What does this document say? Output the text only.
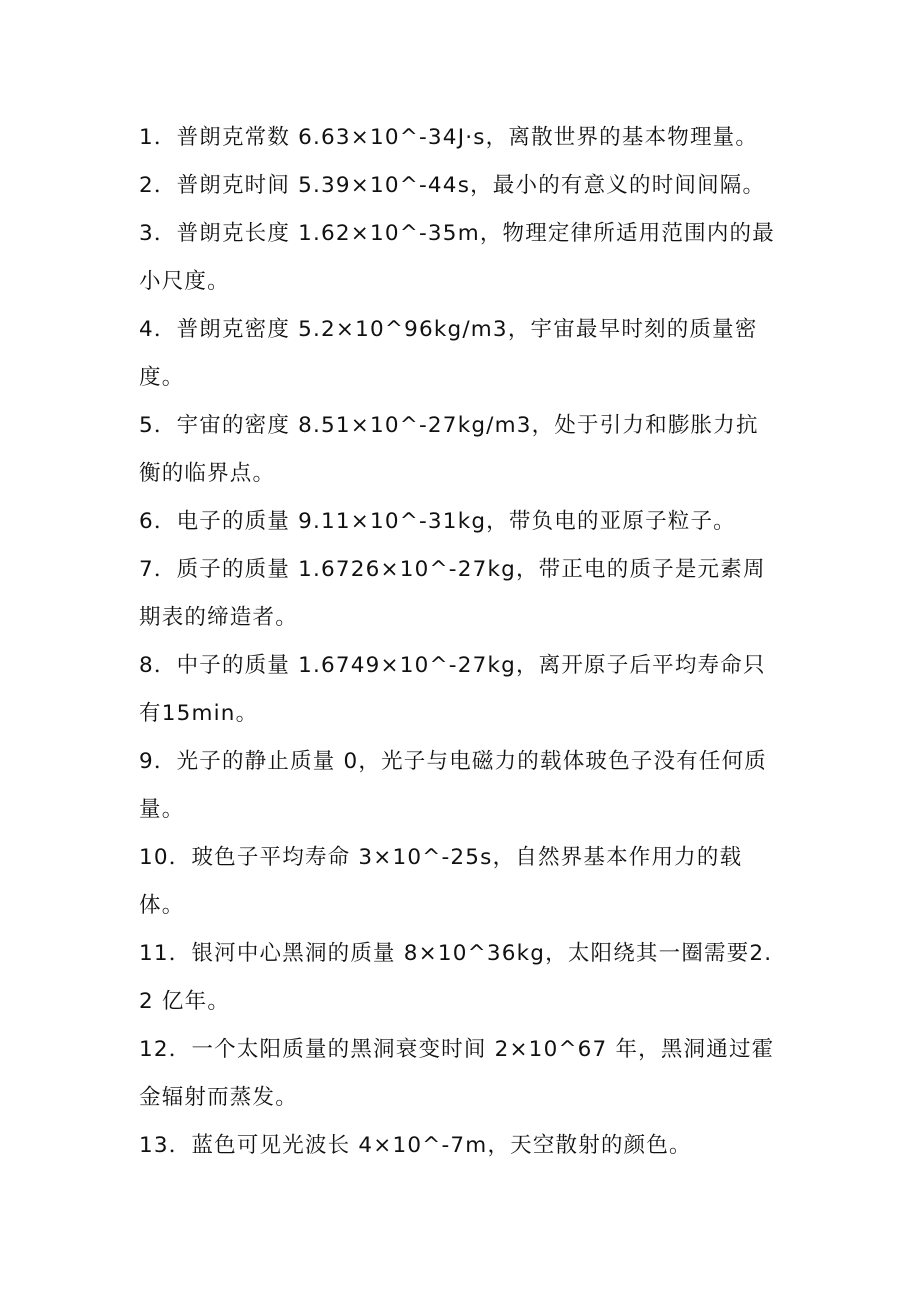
1．普朗克常数 6.63×10^-34J·s，离散世界的基本物理量。

2．普朗克时间 5.39×10^-44s，最小的有意义的时间间隔。

3．普朗克长度 1.62×10^-35m，物理定律所适用范围内的最小尺度。

4．普朗克密度 5.2×10^96kg/m3，宇宙最早时刻的质量密度。

5．宇宙的密度 8.51×10^-27kg/m3，处于引力和膨胀力抗衡的临界点。

6．电子的质量 9.11×10^-31kg，带负电的亚原子粒子。

7．质子的质量 1.6726×10^-27kg，带正电的质子是元素周期表的缔造者。

8．中子的质量 1.6749×10^-27kg，离开原子后平均寿命只有15min。

9．光子的静止质量 0，光子与电磁力的载体玻色子没有任何质量。

10．玻色子平均寿命 3×10^-25s，自然界基本作用力的载体。

11．银河中心黑洞的质量 8×10^36kg，太阳绕其一圈需要2.2 亿年。

12．一个太阳质量的黑洞衰变时间 2×10^67 年，黑洞通过霍金辐射而蒸发。

13．蓝色可见光波长 4×10^-7m，天空散射的颜色。
